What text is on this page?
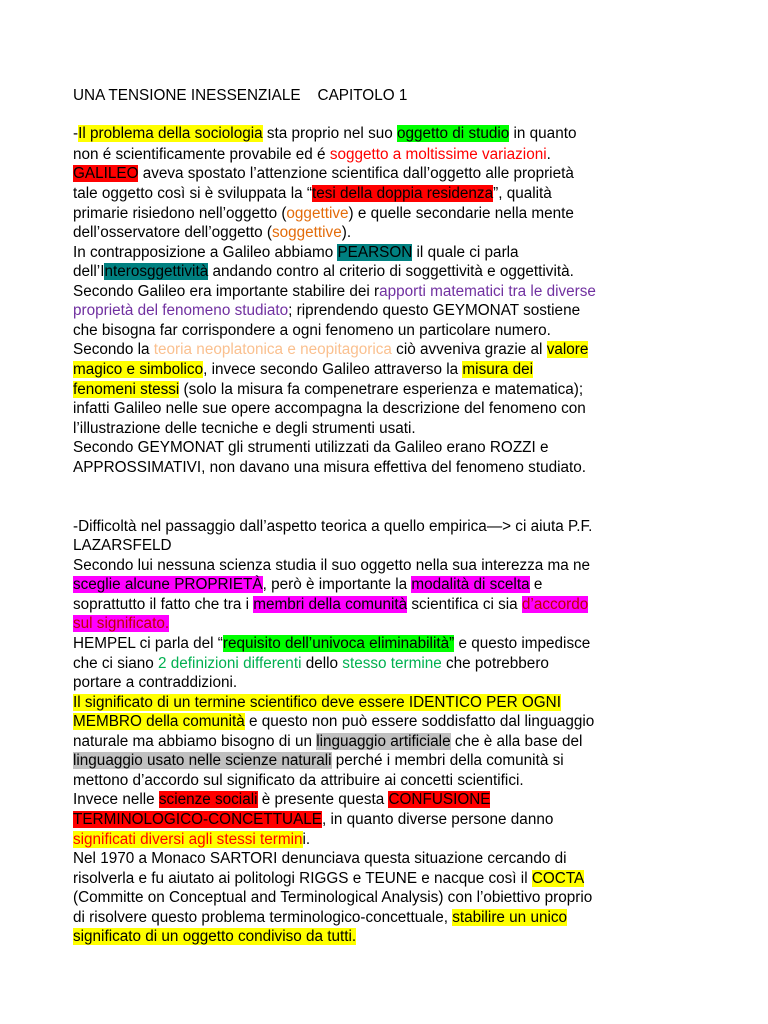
UNA TENSIONE INESSENZIALE    CAPITOLO 1
-Il problema della sociologia sta proprio nel suo oggetto di studio in quanto
non é scientificamente provabile ed é soggetto a moltissime variazioni.
GALILEO aveva spostato l’attenzione scientifica dall’oggetto alle proprietà
tale oggetto così si è sviluppata la “tesi della doppia residenza”, qualità
primarie risiedono nell’oggetto (oggettive) e quelle secondarie nella mente
dell’osservatore dell’oggetto (soggettive).
In contrapposizione a Galileo abbiamo PEARSON il quale ci parla
dell’Interosggettività andando contro al criterio di soggettività e oggettività.
Secondo Galileo era importante stabilire dei rapporti matematici tra le diverse
proprietà del fenomeno studiato; riprendendo questo GEYMONAT sostiene
che bisogna far corrispondere a ogni fenomeno un particolare numero.
Secondo la teoria neoplatonica e neopitagorica ciò avveniva grazie al valore
magico e simbolico, invece secondo Galileo attraverso la misura dei
fenomeni stessi (solo la misura fa compenetrare esperienza e matematica);
infatti Galileo nelle sue opere accompagna la descrizione del fenomeno con
l’illustrazione delle tecniche e degli strumenti usati.
Secondo GEYMONAT gli strumenti utilizzati da Galileo erano ROZZI e
APPROSSIMATIVI, non davano una misura effettiva del fenomeno studiato.
-Difficoltà nel passaggio dall’aspetto teorica a quello empirica—> ci aiuta P.F.
LAZARSFELD
Secondo lui nessuna scienza studia il suo oggetto nella sua interezza ma ne
sceglie alcune PROPRIETÀ, però è importante la modalità di scelta e
soprattutto il fatto che tra i membri della comunità scientifica ci sia d’accordo
sul significato.
HEMPEL ci parla del “requisito dell’univoca eliminabilità” e questo impedisce
che ci siano 2 definizioni differenti dello stesso termine che potrebbero
portare a contraddizioni.
Il significato di un termine scientifico deve essere IDENTICO PER OGNI
MEMBRO della comunità e questo non può essere soddisfatto dal linguaggio
naturale ma abbiamo bisogno di un linguaggio artificiale che è alla base del
linguaggio usato nelle scienze naturali perché i membri della comunità si
mettono d’accordo sul significato da attribuire ai concetti scientifici.
Invece nelle scienze sociali è presente questa CONFUSIONE
TERMINOLOGICO-CONCETTUALE, in quanto diverse persone danno
significati diversi agli stessi termini.
Nel 1970 a Monaco SARTORI denunciava questa situazione cercando di
risolverla e fu aiutato ai politologi RIGGS e TEUNE e nacque così il COCTA
(Committe on Conceptual and Terminological Analysis) con l’obiettivo proprio
di risolvere questo problema terminologico-concettuale, stabilire un unico
significato di un oggetto condiviso da tutti.
